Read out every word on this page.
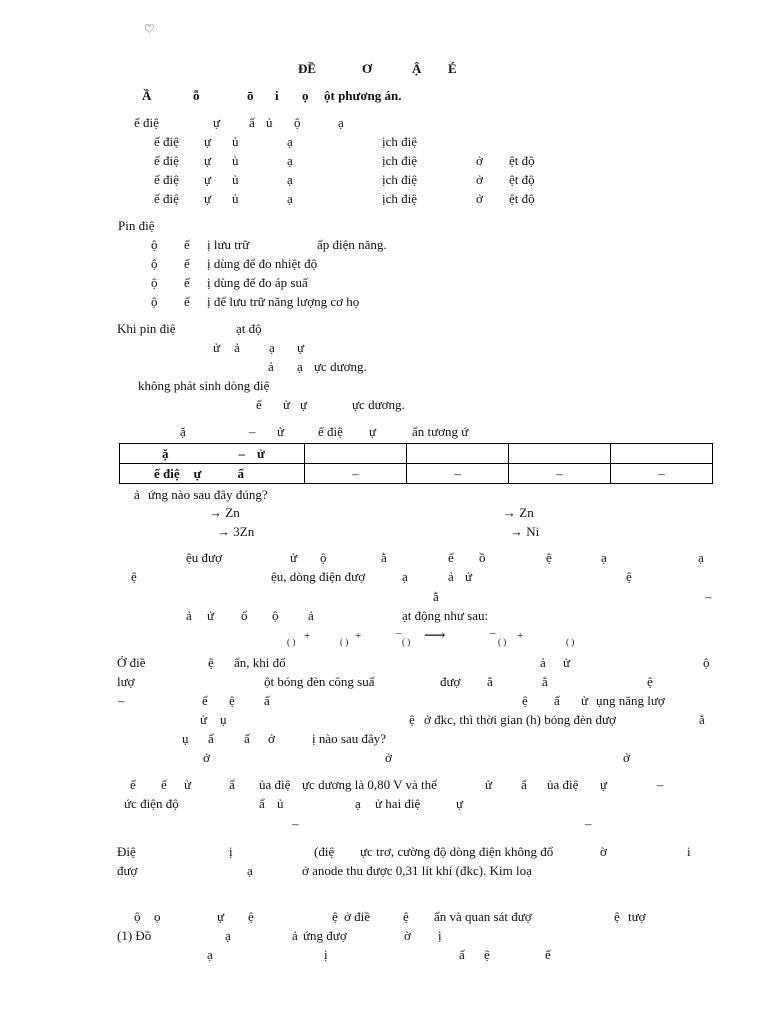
♡
ĐỀ	Ơ	Ậ É
Ầ	ỗ	ō i ọ ột phương án.
ế điệ	ự ẩ ủ ộ	ạ
ế điệ ự ủ	ạ	ịch điệ
ế điệ ự ủ	ạ	ịch điệ	ở ệt độ
ế điệ ự ủ	ạ	ịch điệ	ở ệt độ
ế điệ ự ủ	ạ	ịch điệ	ở ệt độ
Pin điệ
ộ ế ị lưu trữ	ấp điện năng.
ộ ế ị dùng để đo nhiệt độ
ộ ế ị dùng để đo áp suấ
ộ ế ị để lưu trữ năng lượng cơ họ
Khi pin điệ	ạt độ
ử ả ạ ự
ả ạ ực dương.
không phát sinh dòng điệ
ế ử ự	ực dương.
ặ	– ử	ế điệ ự	ẩn tương ứ
ặ – ử				
ế điệ ự ẩ	–	–	–	–
ả ứng nào sau đây đúng?
→ Zn	→ Zn
→ 3Zn	→ Ni
ệu đượ	ử ộ	ằ	ế ồ	ệ	ạ	ạ
ệ	ệu, dòng điện đượ	ạ	ả ử	ệ
ằ	–
ả ử ổ ộ ả	ạt động như sau:
( ) +	( ) +	–
( ) ⟶	–
( ) +	( )
Ở điề	ệ ẩn, khi đố	ả ử	ộ
lượ	ột bóng đèn công suấ	đượ ắ	ẳ	ệ
–	ế ệ ấ	ệ ấ ử ụng năng lượ
ử ụ	ệ ở đkc, thì thời gian (h) bóng đèn đượ	ắ
ụ ẩ ấ ở	ị nào sau đây?
ở	ở	ở
ế ế ử	ẩ ủa điệ ực dương là 0,80 V và thế	ử ẩ ủa điệ ự	–
ức điện độ	ẩ ủ	ạ ử hai điệ	ự
–	–
Điệ	ị	(điệ ực trơ, cường độ dòng điện không đổ	ờ	i
đượ	ạ	ở anode thu được 0,31 lít khí (đkc). Kim loạ
ộ ọ	ự ệ	ệ ở điề	ệ ẩn và quan sát đượ	ệ tượ
(1) Đồ	ạ	ả ứng đượ	ờ ị
ạ	ị	ấ ệ	ế
